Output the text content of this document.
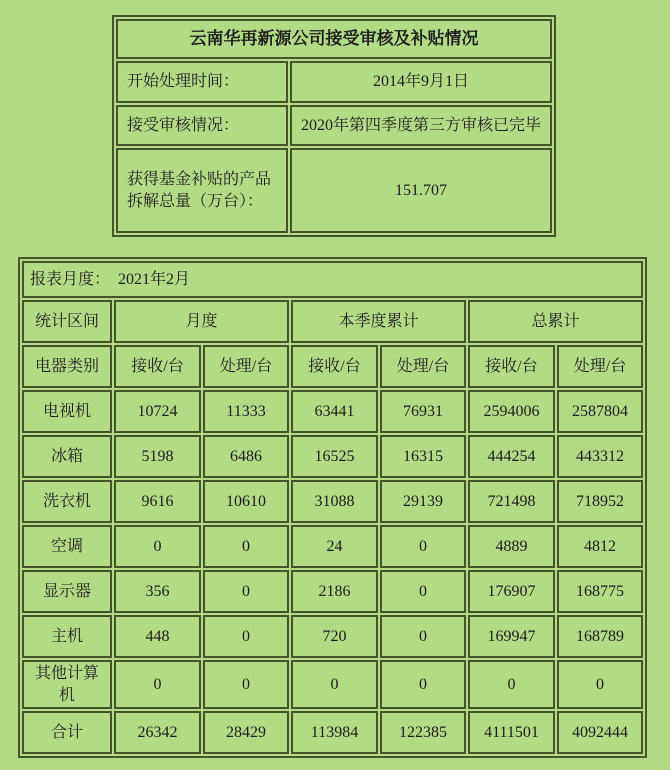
云南华再新源公司接受审核及补贴情况	
开始处理时间：	2014年9月1日
接受审核情况：	2020年第四季度第三方审核已完毕
获得基金补贴的产品拆解总量（万台）：	151.707
报表月度： 2021年2月						
统计区间	月度		本季度累计		总累计	
电器类别	接收/台	处理/台	接收/台	处理/台	接收/台	处理/台
电视机	10724	11333	63441	76931	2594006	2587804
冰箱	5198	6486	16525	16315	444254	443312
洗衣机	9616	10610	31088	29139	721498	718952
空调	0	0	24	0	4889	4812
显示器	356	0	2186	0	176907	168775
主机	448	0	720	0	169947	168789
其他计算机	0	0	0	0	0	0
合计	26342	28429	113984	122385	4111501	4092444
